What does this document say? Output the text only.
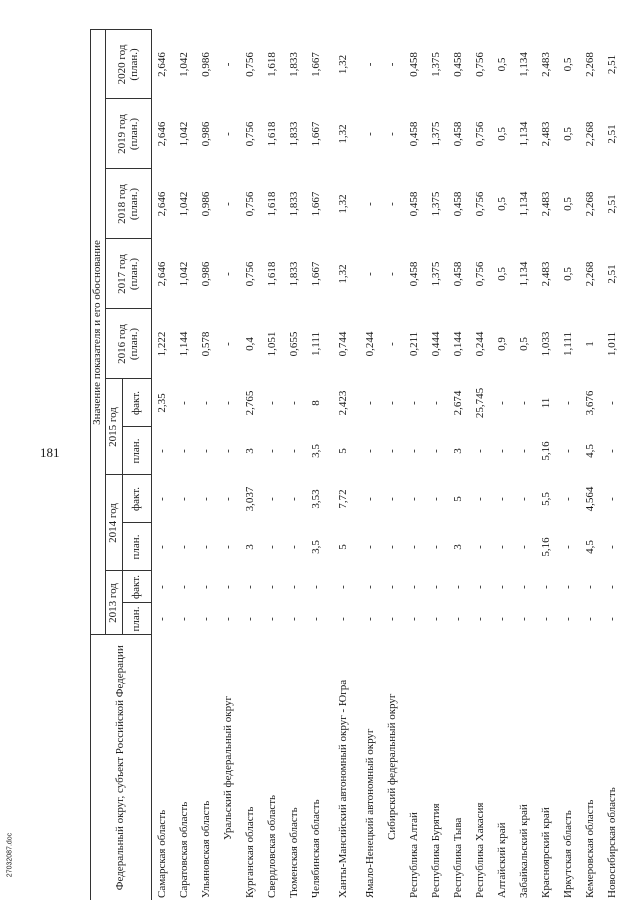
181
27032087.doc	Федеральный округ, субъект Российской Федерации	Значение показателя и его обоснование										
	2013 год		2014 год		2015 год		2016 год (план.)	2017 год (план.)	2018 год (план.)	2019 год (план.)	2020 год (план.)
	план.	факт.	план.	факт.	план.	факт.					
Самарская область	-	-	-	-	-	2,35	1,222	2,646	2,646	2,646	2,646
Саратовская область	-	-	-	-	-	-	1,144	1,042	1,042	1,042	1,042
Ульяновская область	-	-	-	-	-	-	0,578	0,986	0,986	0,986	0,986
Уральский федеральный округ	-	-	-	-	-	-	-	-	-	-	-
Курганская область	-	-	3	3,037	3	2,765	0,4	0,756	0,756	0,756	0,756
Свердловская область	-	-	-	-	-	-	1,051	1,618	1,618	1,618	1,618
Тюменская область	-	-	-	-	-	-	0,655	1,833	1,833	1,833	1,833
Челябинская область	-	-	3,5	3,53	3,5	8	1,111	1,667	1,667	1,667	1,667
Ханты-Мансийский автономный округ - Югра	-	-	5	7,72	5	2,423	0,744	1,32	1,32	1,32	1,32
Ямало-Ненецкий автономный округ	-	-	-	-	-	-	0,244	-	-	-	-
Сибирский федеральный округ	-	-	-	-	-	-	-	-	-	-	-
Республика Алтай	-	-	-	-	-	-	0,211	0,458	0,458	0,458	0,458
Республика Бурятия	-	-	-	-	-	-	0,444	1,375	1,375	1,375	1,375
Республика Тыва	-	-	3	5	3	2,674	0,144	0,458	0,458	0,458	0,458
Республика Хакасия	-	-	-	-	-	25,745	0,244	0,756	0,756	0,756	0,756
Алтайский край	-	-	-	-	-	-	0,9	0,5	0,5	0,5	0,5
Забайкальский край	-	-	-	-	-	-	0,5	1,134	1,134	1,134	1,134
Красноярский край	-	-	5,16	5,5	5,16	11	1,033	2,483	2,483	2,483	2,483
Иркутская область	-	-	-	-	-	-	1,111	0,5	0,5	0,5	0,5
Кемеровская область	-	-	4,5	4,564	4,5	3,676	1	2,268	2,268	2,268	2,268
Новосибирская область	-	-	-	-	-	-	1,011	2,51	2,51	2,51	2,51
